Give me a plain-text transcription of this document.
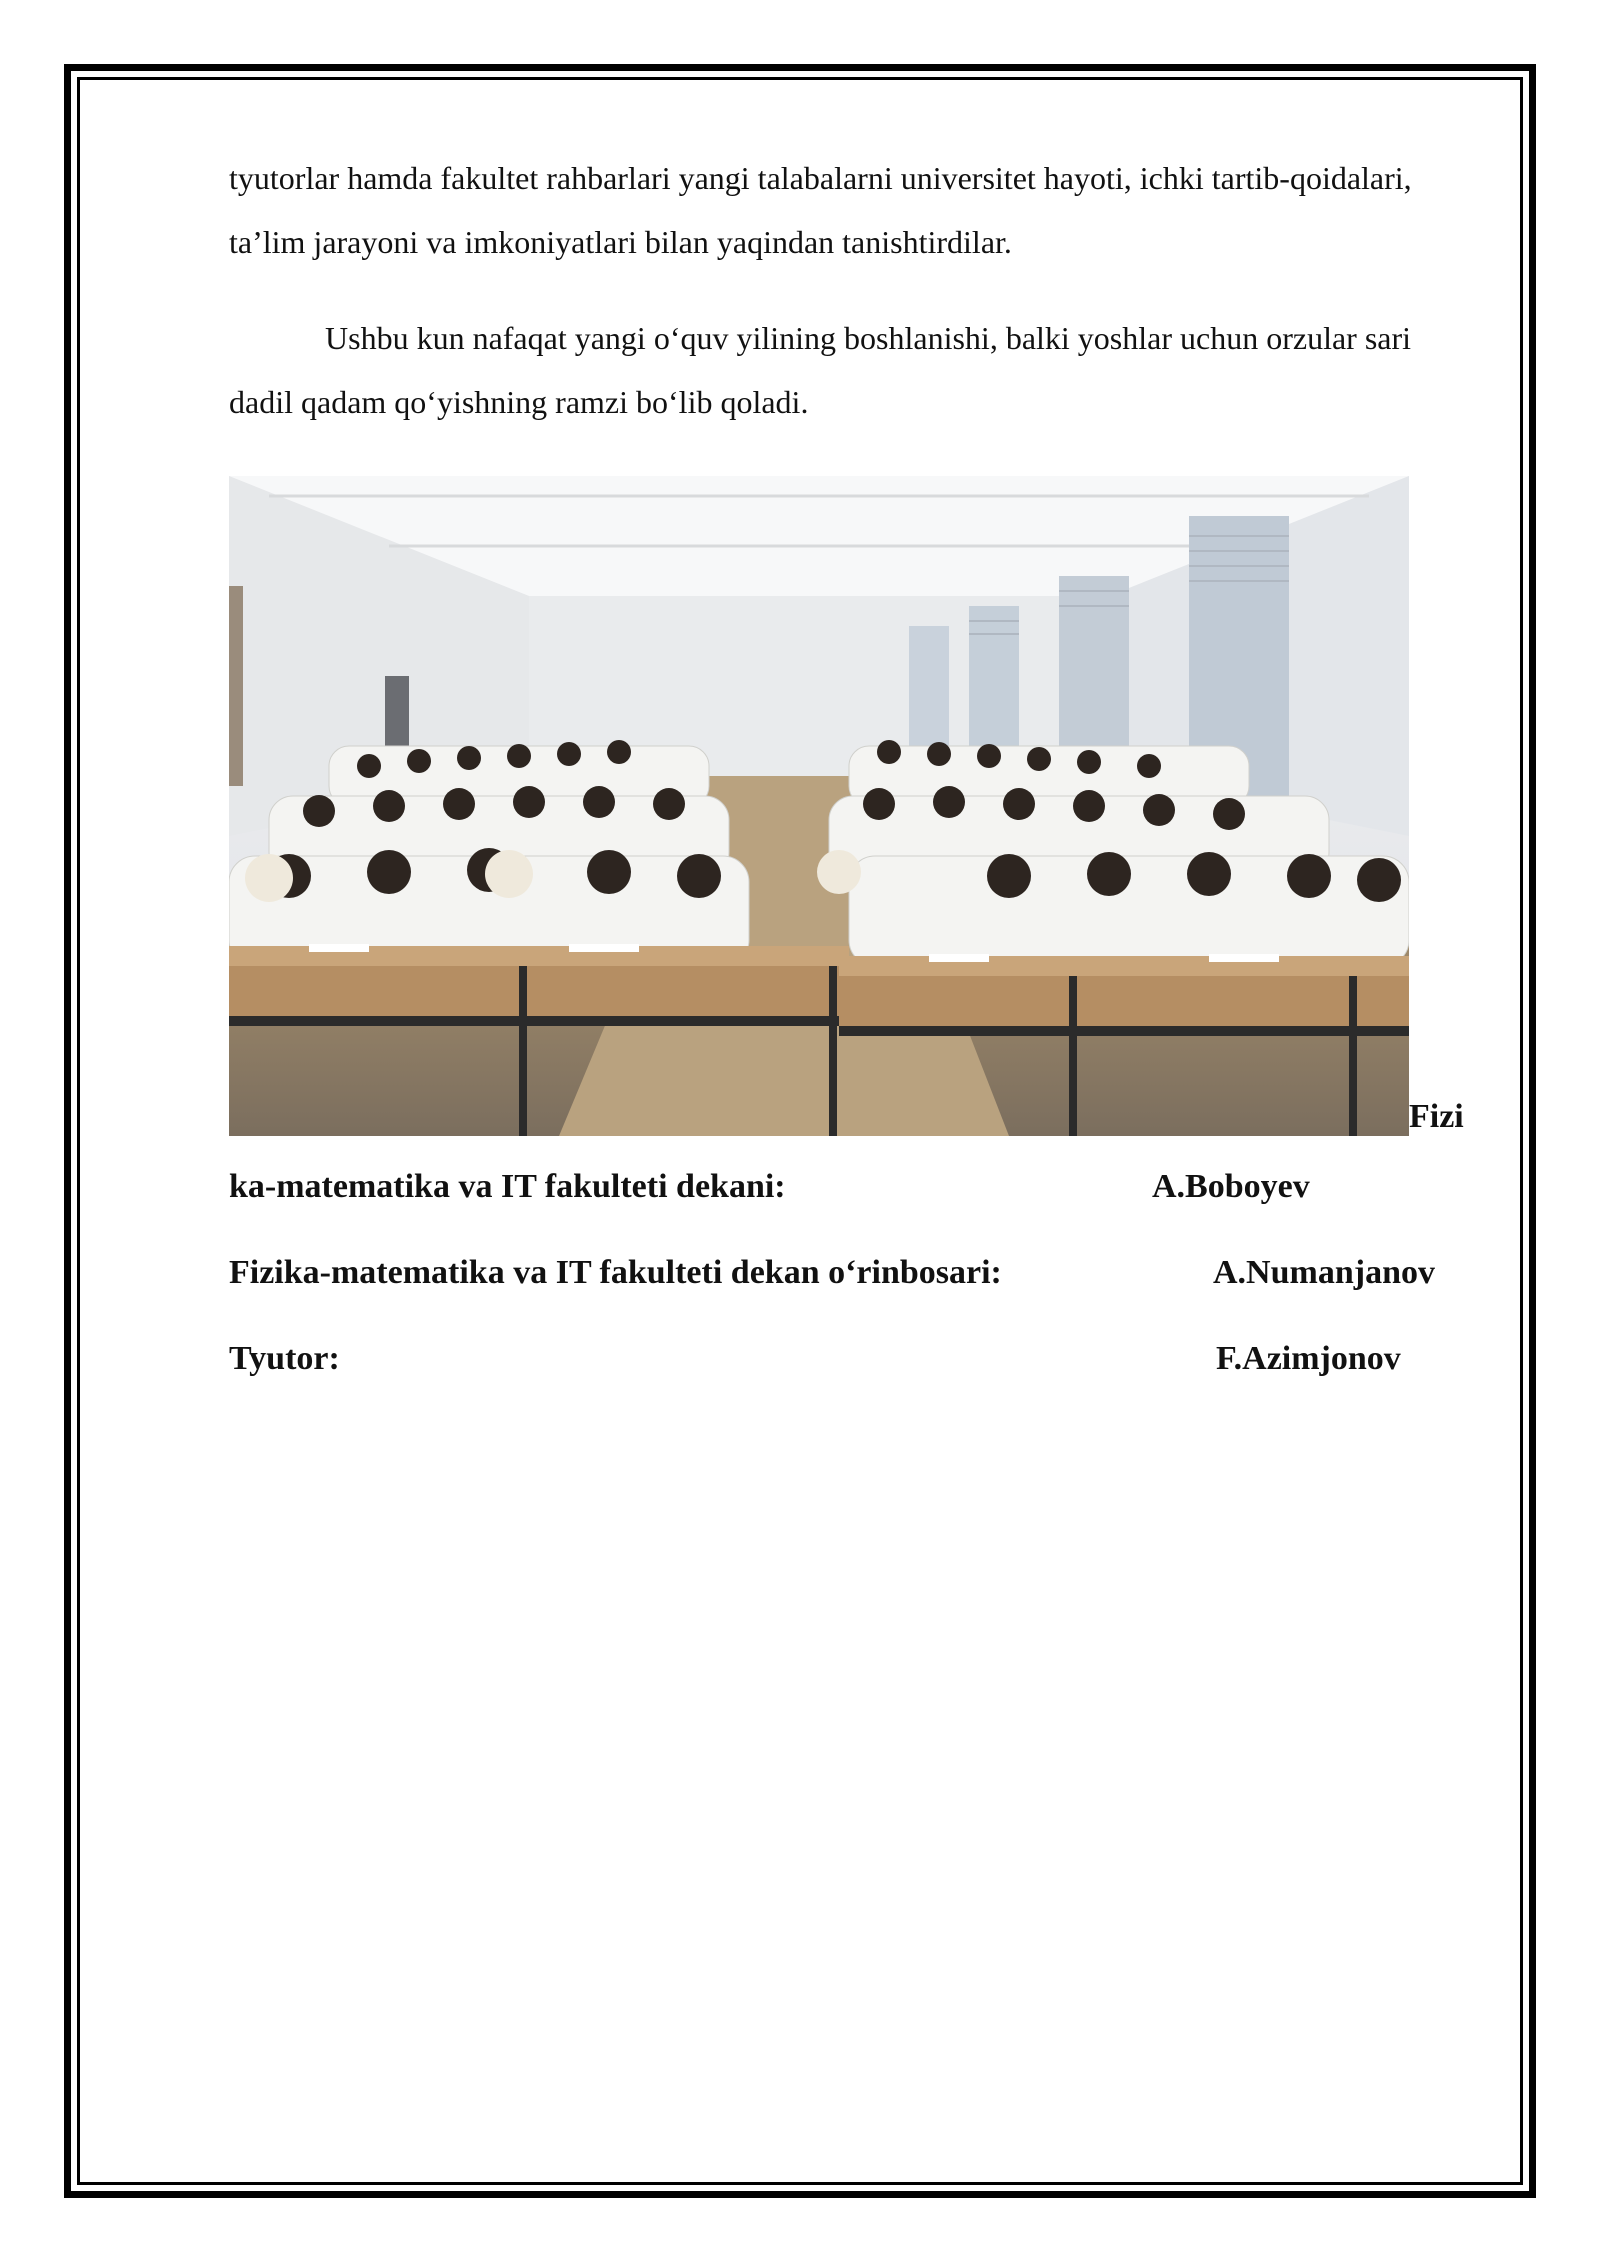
tyutorlar hamda fakultet rahbarlari yangi talabalarni universitet hayoti, ichki tartib-qoidalari, ta’lim jarayoni va imkoniyatlari bilan yaqindan tanishtirdilar.

Ushbu kun nafaqat yangi o‘quv yilining boshlanishi, balki yoshlar uchun orzular sari dadil qadam qo‘yishning ramzi bo‘lib qoladi.

Fizi
ka-matematika va IT fakulteti dekani:	A.Boboyev
Fizika-matematika va IT fakulteti dekan o‘rinbosari:	A.Numanjanov
Tyutor:	F.Azimjonov
